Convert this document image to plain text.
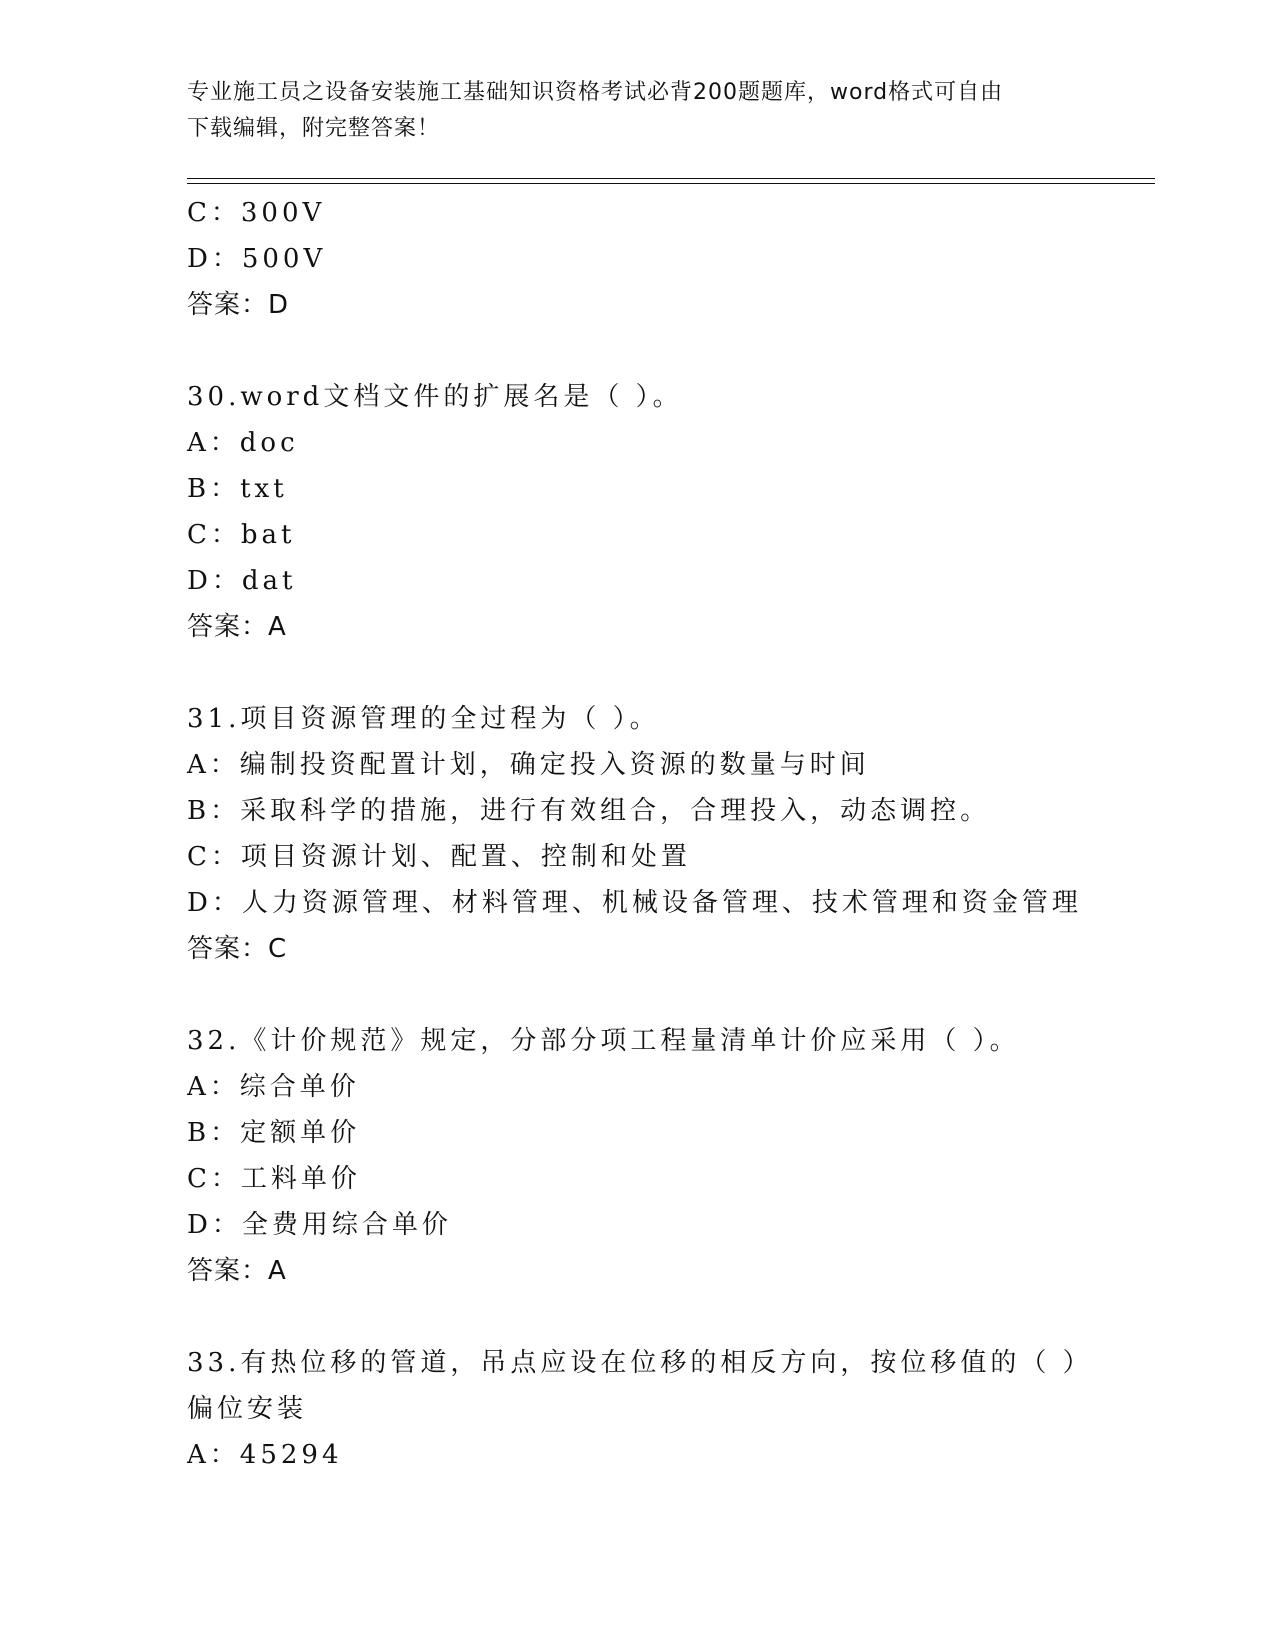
专业施工员之设备安装施工基础知识资格考试必背200题题库，word格式可自由
下载编辑，附完整答案！
C：300V
D：500V
答案：D
30.word文档文件的扩展名是（ ）。
A：doc
B：txt
C：bat
D：dat
答案：A
31.项目资源管理的全过程为（ ）。
A：编制投资配置计划，确定投入资源的数量与时间
B：采取科学的措施，进行有效组合，合理投入，动态调控。
C：项目资源计划、配置、控制和处置
D：人力资源管理、材料管理、机械设备管理、技术管理和资金管理
答案：C
32.《计价规范》规定，分部分项工程量清单计价应采用（ ）。
A：综合单价
B：定额单价
C：工料单价
D：全费用综合单价
答案：A
33.有热位移的管道，吊点应设在位移的相反方向，按位移值的（ ）
偏位安装
A：45294
